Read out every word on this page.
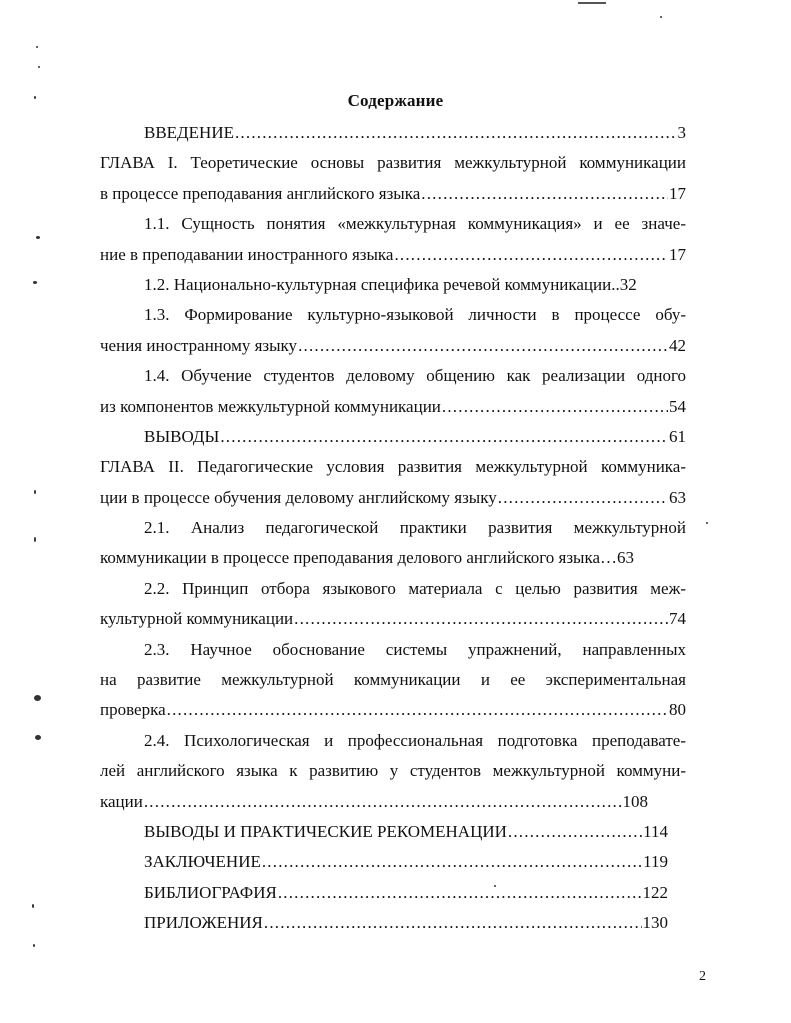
Содержание
ВВЕДЕНИЕ .....	3
ГЛАВА I. Теоретические основы развития межкультурной коммуникации
в процессе преподавания английского языка .....	17
1.1. Сущность понятия «межкультурная коммуникация» и ее значе-
ние в преподавании иностранного языка .....	17
1.2. Национально-культурная специфика речевой коммуникации..32
1.3. Формирование культурно-языковой личности в процессе обу-
чения иностранному языку .....	42
1.4. Обучение студентов деловому общению как реализации одного
из компонентов межкультурной коммуникации .....	54
ВЫВОДЫ .....	61
ГЛАВА II. Педагогические условия развития межкультурной коммуника-
ции в процессе обучения деловому английскому языку .....	63
2.1. Анализ педагогической практики развития межкультурной
коммуникации в процессе преподавания делового английского языка…63
2.2. Принцип отбора языкового материала с целью развития меж-
культурной коммуникации .....	74
2.3. Научное обоснование системы упражнений, направленных
на развитие межкультурной коммуникации и ее экспериментальная
проверка .....	80
2.4. Психологическая и профессиональная подготовка преподавате-
лей английского языка к развитию у студентов межкультурной коммуни-
кации .....	108
ВЫВОДЫ И ПРАКТИЧЕСКИЕ РЕКОМЕНАЦИИ .....	114
ЗАКЛЮЧЕНИЕ .....	119
БИБЛИОГРАФИЯ .....	122
ПРИЛОЖЕНИЯ .....	130
2
